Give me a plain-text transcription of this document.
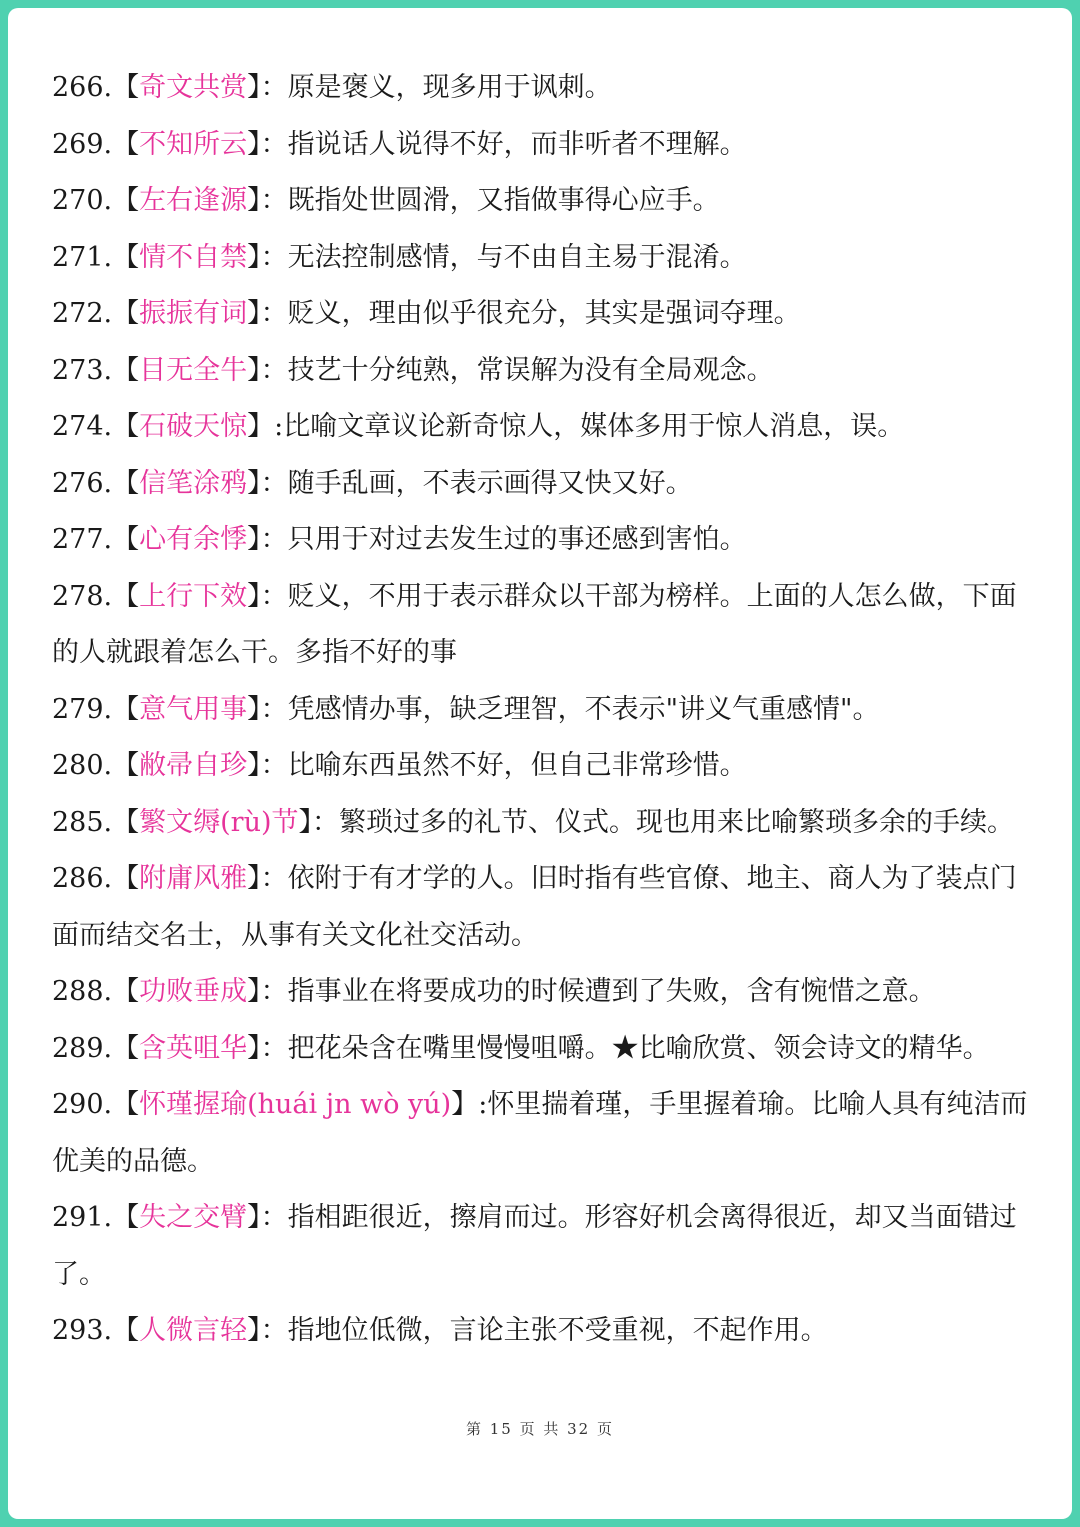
266.【奇文共赏】：原是褒义，现多用于讽刺。

269.【不知所云】：指说话人说得不好，而非听者不理解。

270.【左右逢源】：既指处世圆滑，又指做事得心应手。

271.【情不自禁】：无法控制感情，与不由自主易于混淆。

272.【振振有词】：贬义，理由似乎很充分，其实是强词夺理。

273.【目无全牛】：技艺十分纯熟，常误解为没有全局观念。

274.【石破天惊】:比喻文章议论新奇惊人，媒体多用于惊人消息，误。

276.【信笔涂鸦】：随手乱画，不表示画得又快又好。

277.【心有余悸】：只用于对过去发生过的事还感到害怕。

278.【上行下效】：贬义，不用于表示群众以干部为榜样。上面的人怎么做，下面的人就跟着怎么干。多指不好的事

279.【意气用事】：凭感情办事，缺乏理智，不表示"讲义气重感情"。

280.【敝帚自珍】：比喻东西虽然不好，但自己非常珍惜。

285.【繁文缛(rù)节】：繁琐过多的礼节、仪式。现也用来比喻繁琐多余的手续。

286.【附庸风雅】：依附于有才学的人。旧时指有些官僚、地主、商人为了装点门面而结交名士，从事有关文化社交活动。

288.【功败垂成】：指事业在将要成功的时候遭到了失败，含有惋惜之意。

289.【含英咀华】：把花朵含在嘴里慢慢咀嚼。★比喻欣赏、领会诗文的精华。

290.【怀瑾握瑜(huái jn wò yú)】:怀里揣着瑾，手里握着瑜。比喻人具有纯洁而优美的品德。

291.【失之交臂】：指相距很近，擦肩而过。形容好机会离得很近，却又当面错过了。

293.【人微言轻】：指地位低微，言论主张不受重视，不起作用。

第 15 页 共 32 页
